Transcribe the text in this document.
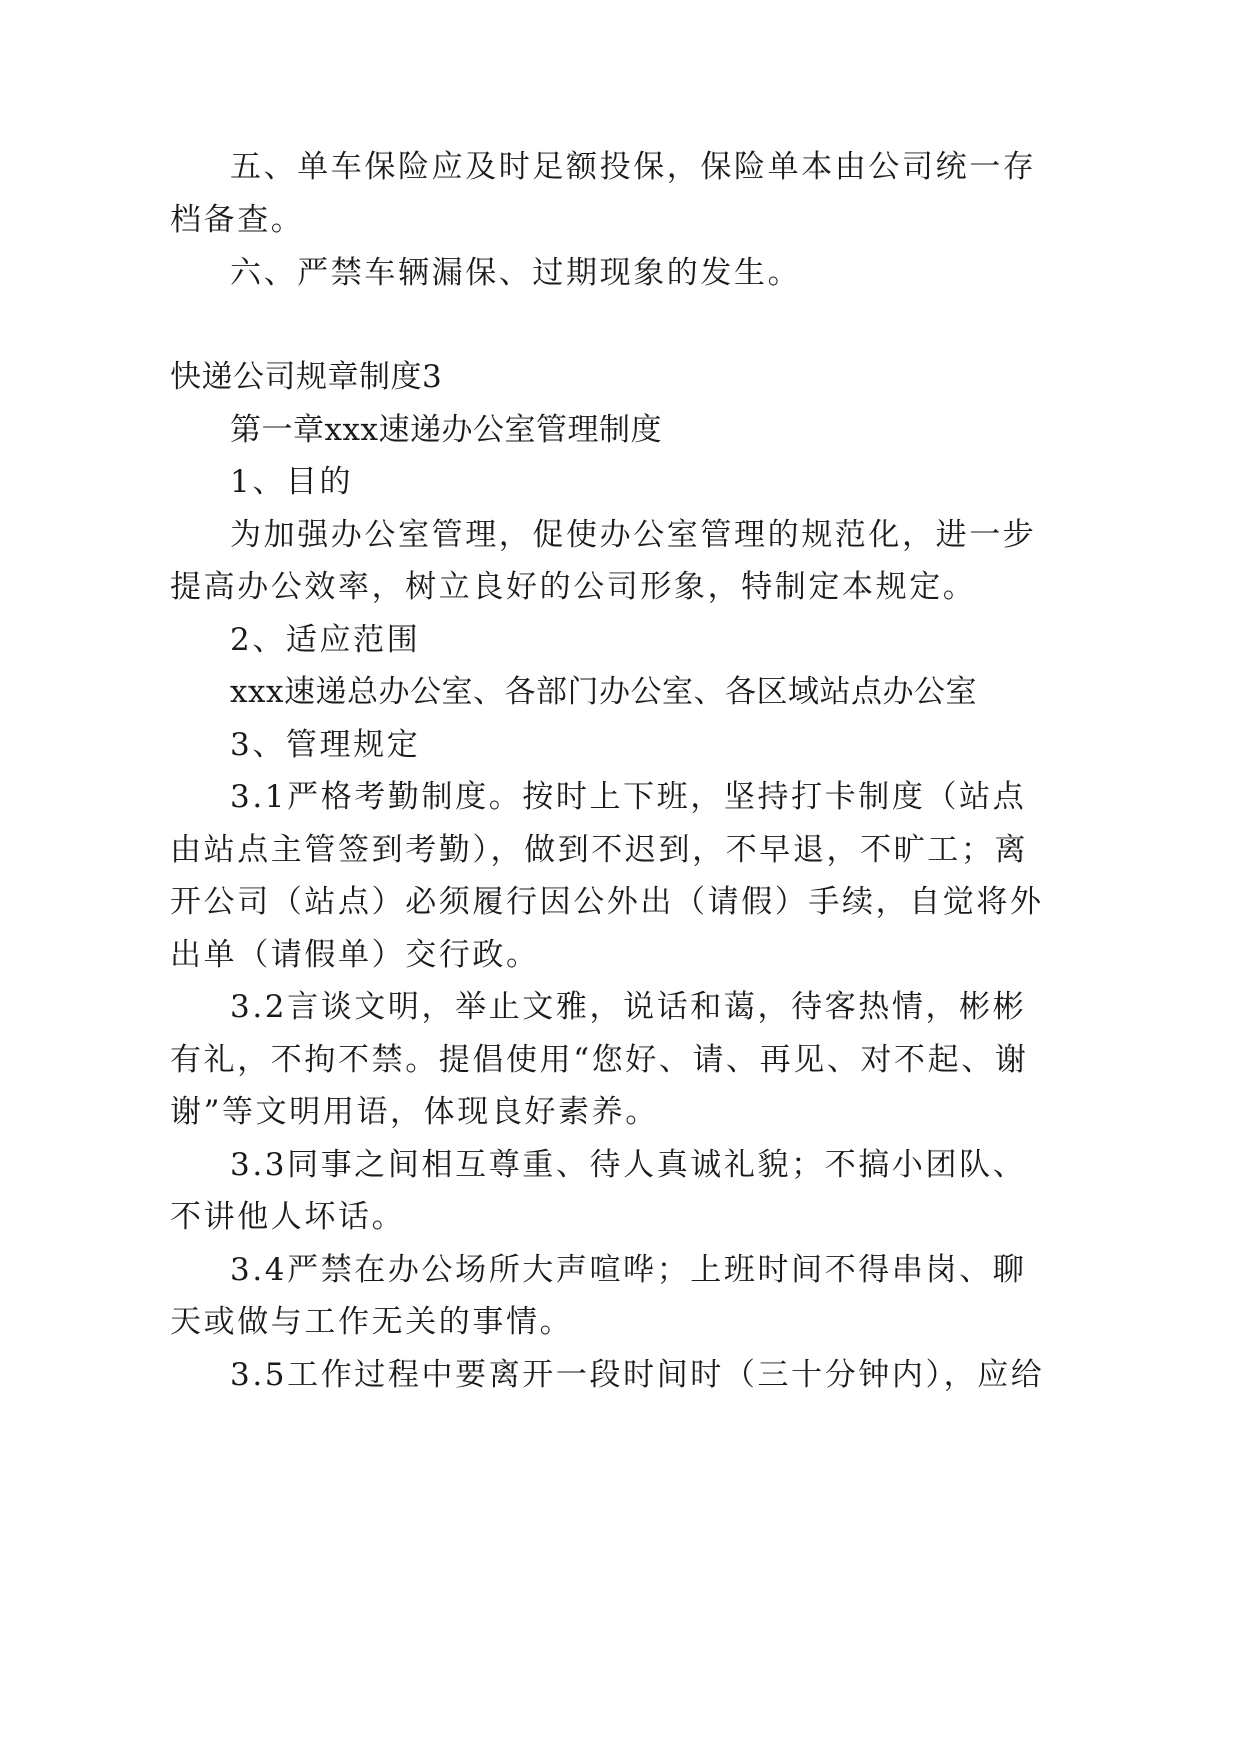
五、单车保险应及时足额投保，保险单本由公司统一存
档备查。
六、严禁车辆漏保、过期现象的发生。
快递公司规章制度3
第一章xxx速递办公室管理制度
1、目的
为加强办公室管理，促使办公室管理的规范化，进一步
提高办公效率，树立良好的公司形象，特制定本规定。
2、适应范围
xxx速递总办公室、各部门办公室、各区域站点办公室
3、管理规定
3.1严格考勤制度。按时上下班，坚持打卡制度（站点
由站点主管签到考勤），做到不迟到，不早退，不旷工；离
开公司（站点）必须履行因公外出（请假）手续，自觉将外
出单（请假单）交行政。
3.2言谈文明，举止文雅，说话和蔼，待客热情，彬彬
有礼，不拘不禁。提倡使用“您好、请、再见、对不起、谢
谢”等文明用语，体现良好素养。
3.3同事之间相互尊重、待人真诚礼貌；不搞小团队、
不讲他人坏话。
3.4严禁在办公场所大声喧哗；上班时间不得串岗、聊
天或做与工作无关的事情。
3.5工作过程中要离开一段时间时（三十分钟内），应给
